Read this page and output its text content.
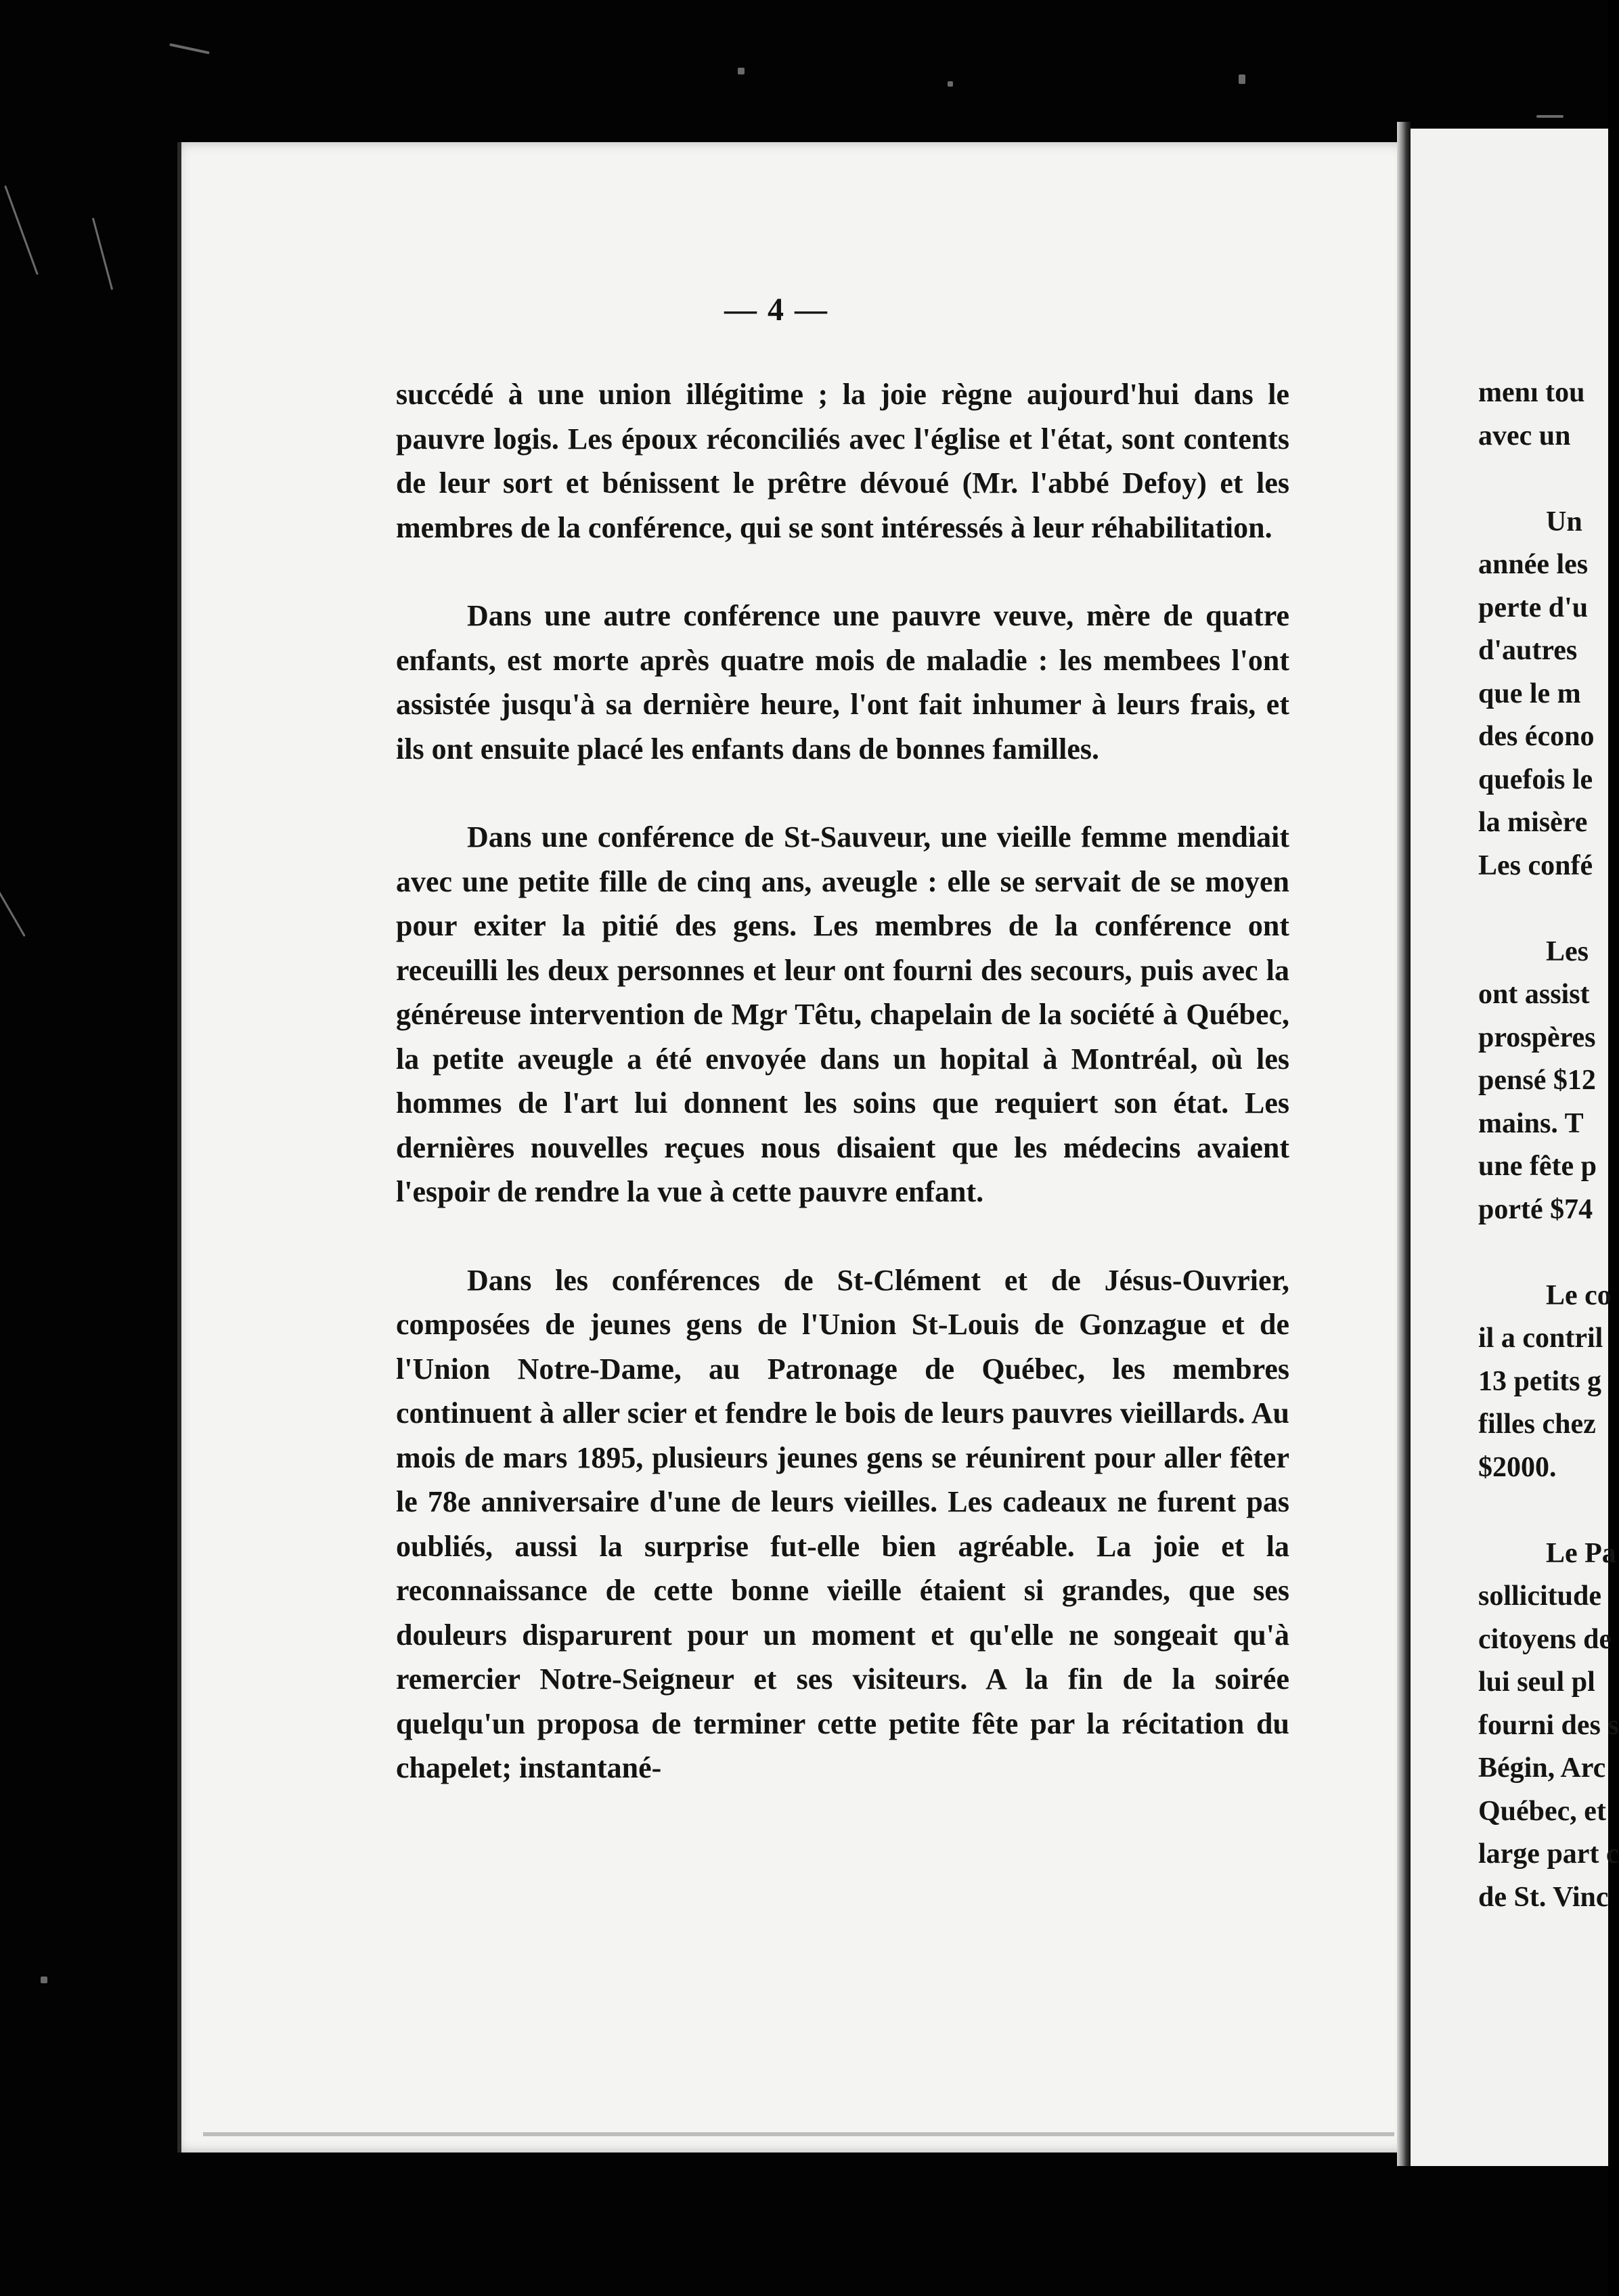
menı tou
avec un
Un
année les
perte d'u
d'autres
que le m
des écono
quefois le
la misère
Les confé
Les
ont assist
prospères
pensé $12
mains. T
une fête p
porté $74
Le co
il a contril
13 petits g
filles chez
$2000.
Le Pa
sollicitude
citoyens de
lui seul pl
fourni des s
Bégin, Arc
Québec, et
large part c
de St. Vinc
— 4 —

succédé à une union illégitime ; la joie règne aujourd'hui dans le pauvre logis. Les époux réconciliés avec l'église et l'état, sont contents de leur sort et bénissent le prêtre dévoué (Mr. l'abbé Defoy) et les membres de la conférence, qui se sont intéressés à leur réhabilitation.

Dans une autre conférence une pauvre veuve, mère de quatre enfants, est morte après quatre mois de maladie : les membees l'ont assistée jusqu'à sa dernière heure, l'ont fait inhumer à leurs frais, et ils ont ensuite placé les enfants dans de bonnes familles.

Dans une conférence de St-Sauveur, une vieille femme mendiait avec une petite fille de cinq ans, aveugle : elle se servait de se moyen pour exiter la pitié des gens. Les membres de la conférence ont receuilli les deux personnes et leur ont fourni des secours, puis avec la généreuse intervention de Mgr Têtu, chapelain de la société à Québec, la petite aveugle a été envoyée dans un hopital à Montréal, où les hommes de l'art lui donnent les soins que requiert son état. Les dernières nouvelles reçues nous disaient que les médecins avaient l'espoir de rendre la vue à cette pauvre enfant.

Dans les conférences de St-Clément et de Jésus-Ouvrier, composées de jeunes gens de l'Union St-Louis de Gonzague et de l'Union Notre-Dame, au Patronage de Québec, les membres continuent à aller scier et fendre le bois de leurs pauvres vieillards. Au mois de mars 1895, plusieurs jeunes gens se réunirent pour aller fêter le 78e anniversaire d'une de leurs vieilles. Les cadeaux ne furent pas oubliés, aussi la surprise fut-elle bien agréable. La joie et la reconnaissance de cette bonne vieille étaient si grandes, que ses douleurs disparurent pour un moment et qu'elle ne songeait qu'à remercier Notre-Seigneur et ses visiteurs. A la fin de la soirée quelqu'un proposa de terminer cette petite fête par la récitation du chapelet; instantané-
